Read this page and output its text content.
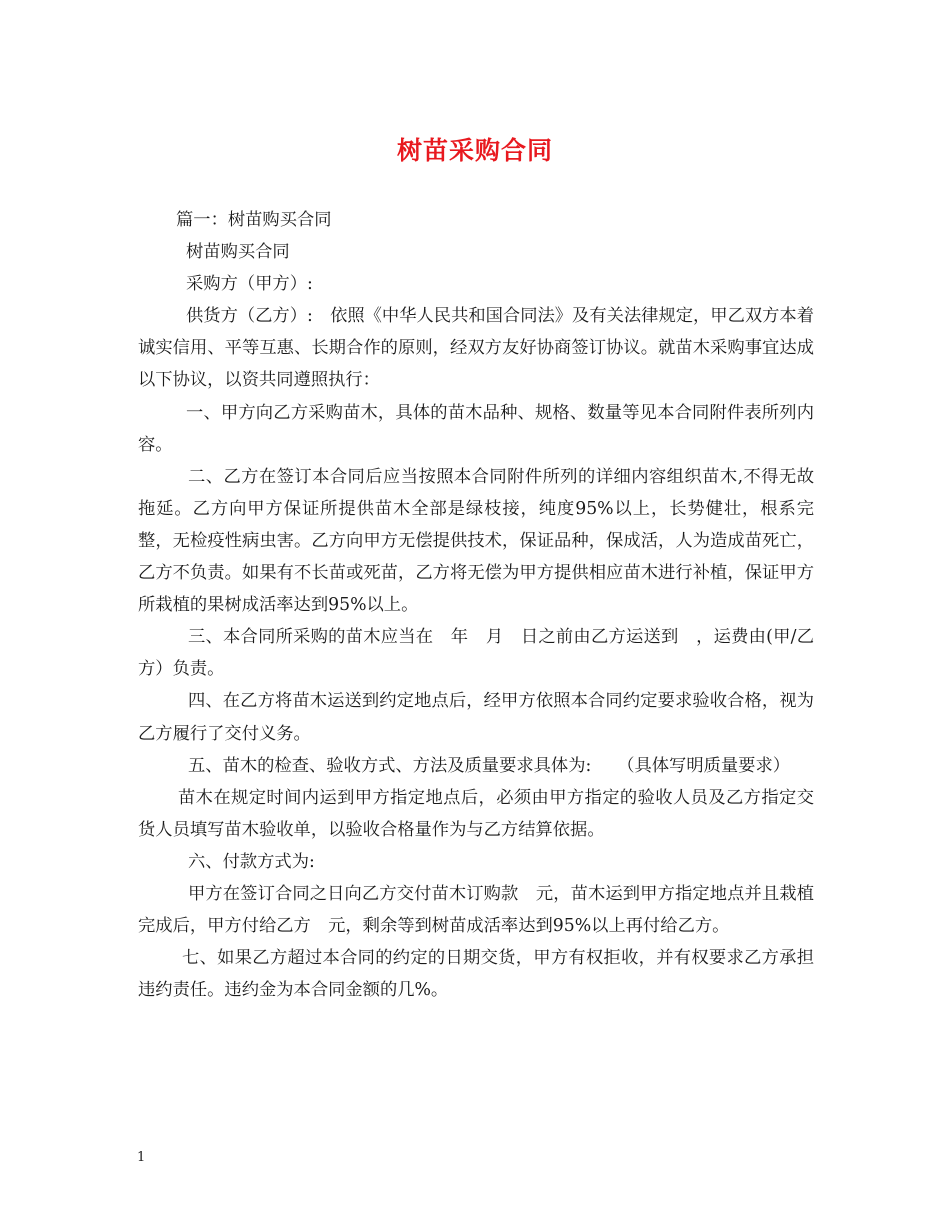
树苗采购合同

篇一：树苗购买合同

树苗购买合同

采购方（甲方）:

供货方（乙方）:　依照《中华人民共和国合同法》及有关法律规定，甲乙双方本着诚实信用、平等互惠、长期合作的原则，经双方友好协商签订协议。就苗木采购事宜达成以下协议，以资共同遵照执行：

一、甲方向乙方采购苗木，具体的苗木品种、规格、数量等见本合同附件表所列内容。

二、乙方在签订本合同后应当按照本合同附件所列的详细内容组织苗木,不得无故拖延。乙方向甲方保证所提供苗木全部是绿枝接，纯度95%以上，长势健壮，根系完整，无检疫性病虫害。乙方向甲方无偿提供技术，保证品种，保成活，人为造成苗死亡，乙方不负责。如果有不长苗或死苗，乙方将无偿为甲方提供相应苗木进行补植，保证甲方所栽植的果树成活率达到95%以上。

三、本合同所采购的苗木应当在　年　月　日之前由乙方运送到　，运费由(甲/乙方）负责。

四、在乙方将苗木运送到约定地点后，经甲方依照本合同约定要求验收合格，视为乙方履行了交付义务。

五、苗木的检查、验收方式、方法及质量要求具体为:　　（具体写明质量要求）

苗木在规定时间内运到甲方指定地点后，必须由甲方指定的验收人员及乙方指定交货人员填写苗木验收单，以验收合格量作为与乙方结算依据。

六、付款方式为:

甲方在签订合同之日向乙方交付苗木订购款　元，苗木运到甲方指定地点并且栽植完成后，甲方付给乙方　元，剩余等到树苗成活率达到95%以上再付给乙方。

七、如果乙方超过本合同的约定的日期交货，甲方有权拒收，并有权要求乙方承担违约责任。违约金为本合同金额的几%。

1
